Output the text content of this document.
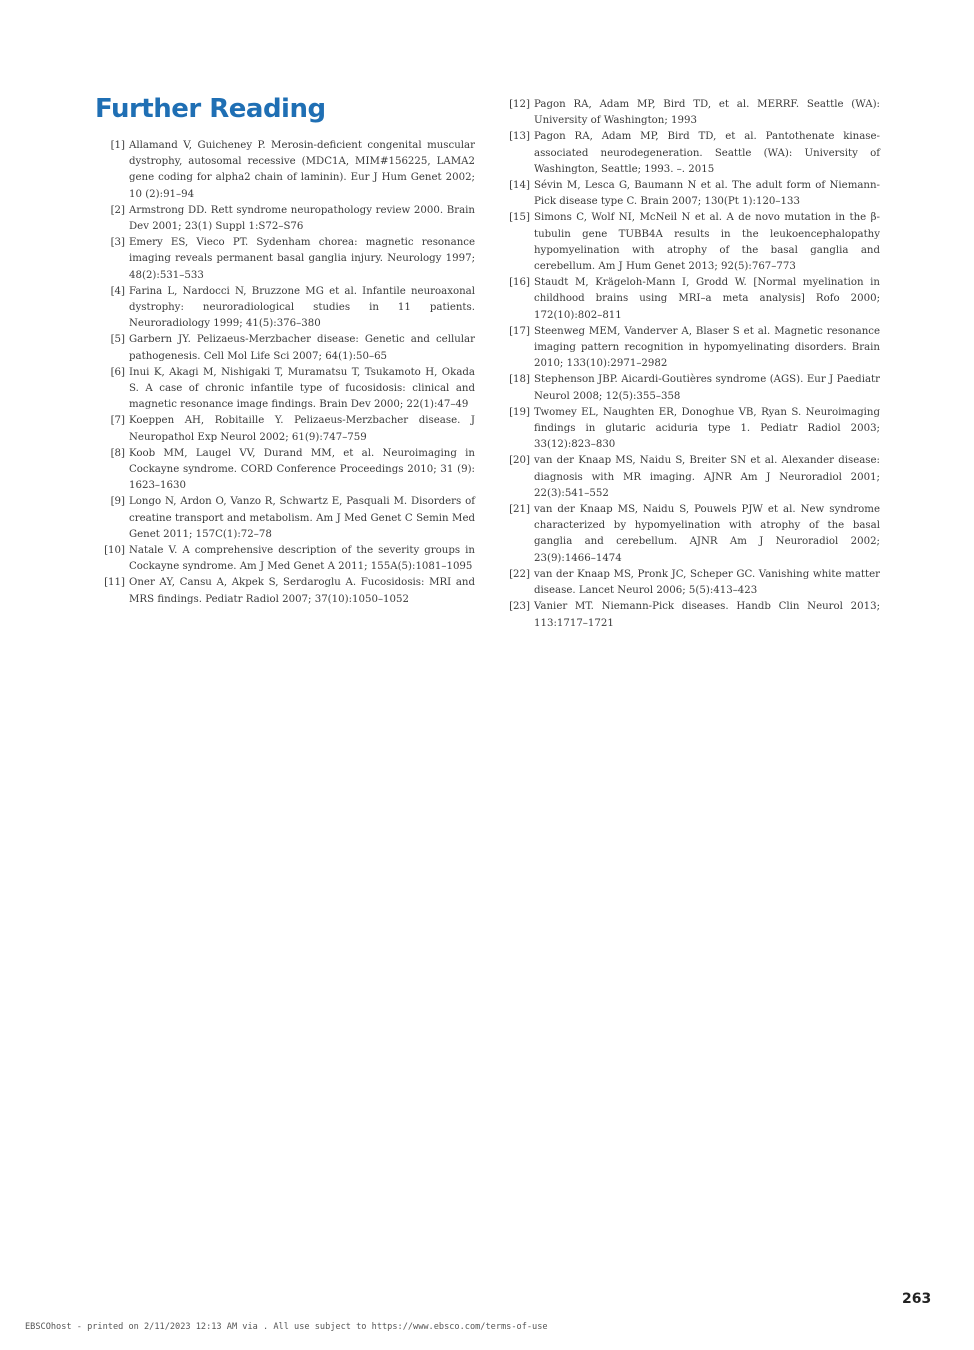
Further Reading
[1] Allamand V, Guicheney P. Merosin-deficient congenital muscular dystrophy, autosomal recessive (MDC1A, MIM#156225, LAMA2 gene coding for alpha2 chain of laminin). Eur J Hum Genet 2002; 10 (2):91–94
[2] Armstrong DD. Rett syndrome neuropathology review 2000. Brain Dev 2001; 23(1) Suppl 1:S72–S76
[3] Emery ES, Vieco PT. Sydenham chorea: magnetic resonance imaging reveals permanent basal ganglia injury. Neurology 1997; 48(2):531–533
[4] Farina L, Nardocci N, Bruzzone MG et al. Infantile neuroaxonal dystrophy: neuroradiological studies in 11 patients. Neuroradiology 1999; 41(5):376–380
[5] Garbern JY. Pelizaeus-Merzbacher disease: Genetic and cellular pathogenesis. Cell Mol Life Sci 2007; 64(1):50–65
[6] Inui K, Akagi M, Nishigaki T, Muramatsu T, Tsukamoto H, Okada S. A case of chronic infantile type of fucosidosis: clinical and magnetic resonance image findings. Brain Dev 2000; 22(1):47–49
[7] Koeppen AH, Robitaille Y. Pelizaeus-Merzbacher disease. J Neuropathol Exp Neurol 2002; 61(9):747–759
[8] Koob MM, Laugel VV, Durand MM, et al. Neuroimaging in Cockayne syndrome. CORD Conference Proceedings 2010; 31 (9): 1623–1630
[9] Longo N, Ardon O, Vanzo R, Schwartz E, Pasquali M. Disorders of creatine transport and metabolism. Am J Med Genet C Semin Med Genet 2011; 157C(1):72–78
[10] Natale V. A comprehensive description of the severity groups in Cockayne syndrome. Am J Med Genet A 2011; 155A(5):1081–1095
[11] Oner AY, Cansu A, Akpek S, Serdaroglu A. Fucosidosis: MRI and MRS findings. Pediatr Radiol 2007; 37(10):1050–1052
[12] Pagon RA, Adam MP, Bird TD, et al. MERRF. Seattle (WA): University of Washington; 1993
[13] Pagon RA, Adam MP, Bird TD, et al. Pantothenate kinase-associated neurodegeneration. Seattle (WA): University of Washington, Seattle; 1993. –. 2015
[14] Sévin M, Lesca G, Baumann N et al. The adult form of Niemann-Pick disease type C. Brain 2007; 130(Pt 1):120–133
[15] Simons C, Wolf NI, McNeil N et al. A de novo mutation in the β-tubulin gene TUBB4A results in the leukoencephalopathy hypomyelination with atrophy of the basal ganglia and cerebellum. Am J Hum Genet 2013; 92(5):767–773
[16] Staudt M, Krägeloh-Mann I, Grodd W. [Normal myelination in childhood brains using MRI–a meta analysis] Rofo 2000; 172(10):802–811
[17] Steenweg MEM, Vanderver A, Blaser S et al. Magnetic resonance imaging pattern recognition in hypomyelinating disorders. Brain 2010; 133(10):2971–2982
[18] Stephenson JBP. Aicardi-Goutières syndrome (AGS). Eur J Paediatr Neurol 2008; 12(5):355–358
[19] Twomey EL, Naughten ER, Donoghue VB, Ryan S. Neuroimaging findings in glutaric aciduria type 1. Pediatr Radiol 2003; 33(12):823–830
[20] van der Knaap MS, Naidu S, Breiter SN et al. Alexander disease: diagnosis with MR imaging. AJNR Am J Neuroradiol 2001; 22(3):541–552
[21] van der Knaap MS, Naidu S, Pouwels PJW et al. New syndrome characterized by hypomyelination with atrophy of the basal ganglia and cerebellum. AJNR Am J Neuroradiol 2002; 23(9):1466–1474
[22] van der Knaap MS, Pronk JC, Scheper GC. Vanishing white matter disease. Lancet Neurol 2006; 5(5):413–423
[23] Vanier MT. Niemann-Pick diseases. Handb Clin Neurol 2013; 113:1717–1721
263
EBSCOhost - printed on 2/11/2023 12:13 AM via . All use subject to https://www.ebsco.com/terms-of-use
